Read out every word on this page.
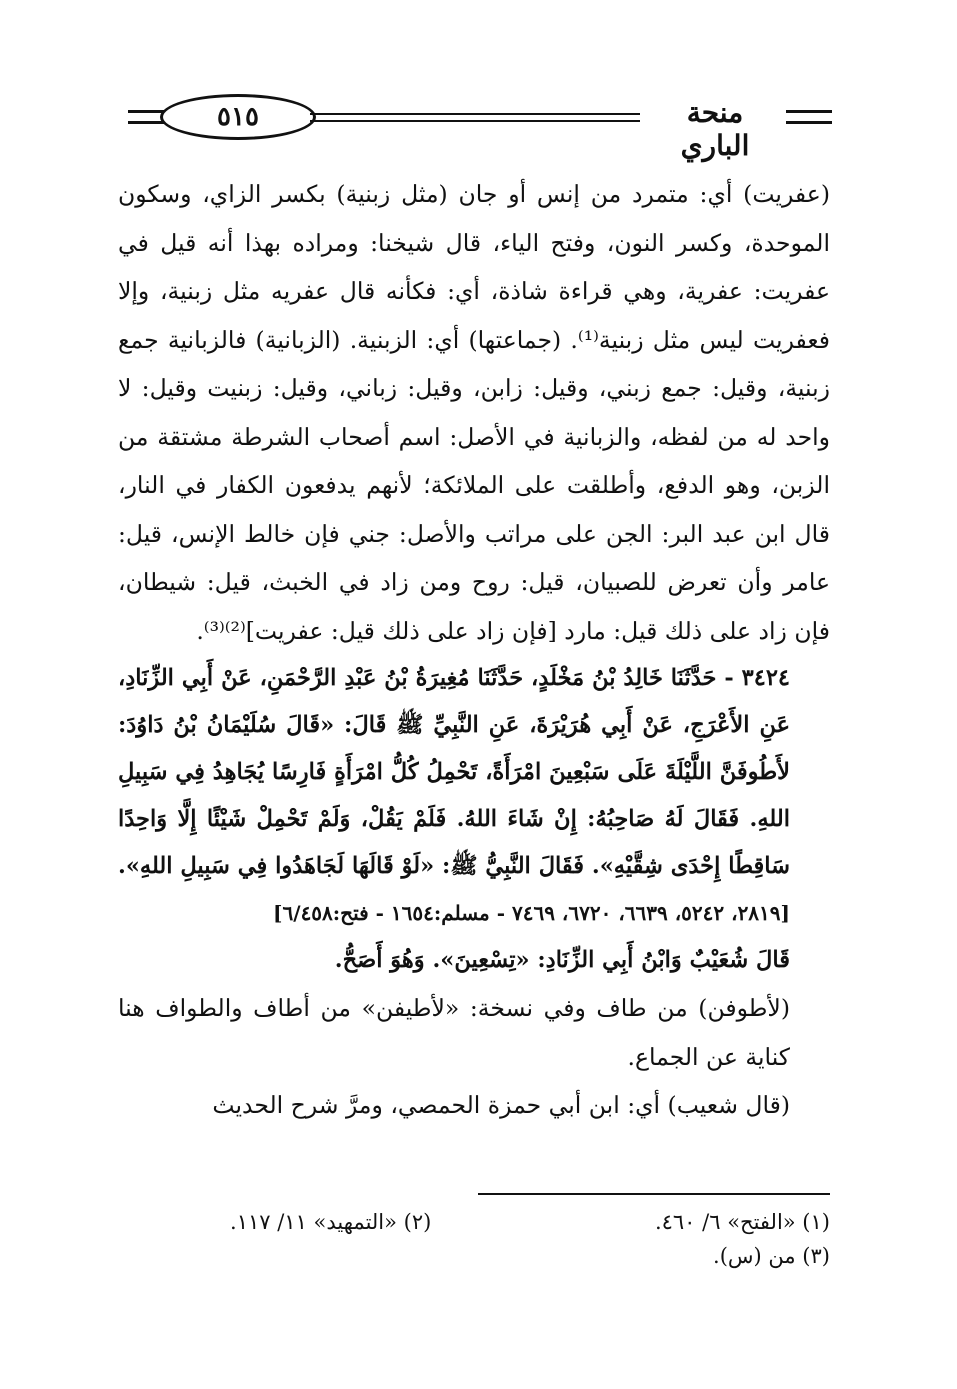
٥١٥	منحة الباري

(عفريت) أي: متمرد من إنس أو جان (مثل زبنية) بكسر الزاي، وسكون الموحدة، وكسر النون، وفتح الياء، قال شيخنا: ومراده بهذا أنه قيل في عفريت: عفرية، وهي قراءة شاذة، أي: فكأنه قال عفريه مثل زبنية، وإلا فعفريت ليس مثل زبنية⁽¹⁾. (جماعتها) أي: الزبنية. (الزبانية) فالزبانية جمع زبنية، وقيل: جمع زبني، وقيل: زابن، وقيل: زباني، وقيل: زبنيت وقيل: لا واحد له من لفظه، والزبانية في الأصل: اسم أصحاب الشرطة مشتقة من الزبن، وهو الدفع، وأطلقت على الملائكة؛ لأنهم يدفعون الكفار في النار، قال ابن عبد البر: الجن على مراتب والأصل: جني فإن خالط الإنس، قيل: عامر وأن تعرض للصبيان، قيل: روح ومن زاد في الخبث، قيل: شيطان، فإن زاد على ذلك قيل: مارد [فإن زاد على ذلك قيل: عفريت]⁽²⁾⁽³⁾.

٣٤٢٤ - حَدَّثَنَا خَالِدُ بْنُ مَخْلَدٍ، حَدَّثَنَا مُغِيرَةُ بْنُ عَبْدِ الرَّحْمَنِ، عَنْ أَبِي الزِّنَادِ، عَنِ الأَعْرَجِ، عَنْ أَبِي هُرَيْرَةَ، عَنِ النَّبِيِّ ﷺ قَالَ: «قَالَ سُلَيْمَانُ بْنُ دَاوُدَ: لأَطُوفَنَّ اللَّيْلَةَ عَلَى سَبْعِينَ امْرَأَةً، تَحْمِلُ كُلُّ امْرَأَةٍ فَارِسًا يُجَاهِدُ فِي سَبِيلِ اللهِ. فَقَالَ لَهُ صَاحِبُهُ: إِنْ شَاءَ اللهُ. فَلَمْ يَقُلْ، وَلَمْ تَحْمِلْ شَيْئًا إِلَّا وَاحِدًا سَاقِطًا إِحْدَى شِقَّيْهِ». فَقَالَ النَّبِيُّ ﷺ: «لَوْ قَالَهَا لَجَاهَدُوا فِي سَبِيلِ اللهِ». [٢٨١٩، ٥٢٤٢، ٦٦٣٩، ٦٧٢٠، ٧٤٦٩ - مسلم:١٦٥٤ - فتح:٦/٤٥٨]

قَالَ شُعَيْبٌ وَابْنُ أَبِي الزِّنَادِ: «تِسْعِينَ». وَهُوَ أَصَحُّ.

(لأطوفن) من طاف وفي نسخة: «لأطيفن» من أطاف والطواف هنا كناية عن الجماع.

(قال شعيب) أي: ابن أبي حمزة الحمصي، ومرَّ شرح الحديث

(١) «الفتح» ٦/ ٤٦٠.
(٢) «التمهيد» ١١/ ١١٧.
(٣) من (س).
